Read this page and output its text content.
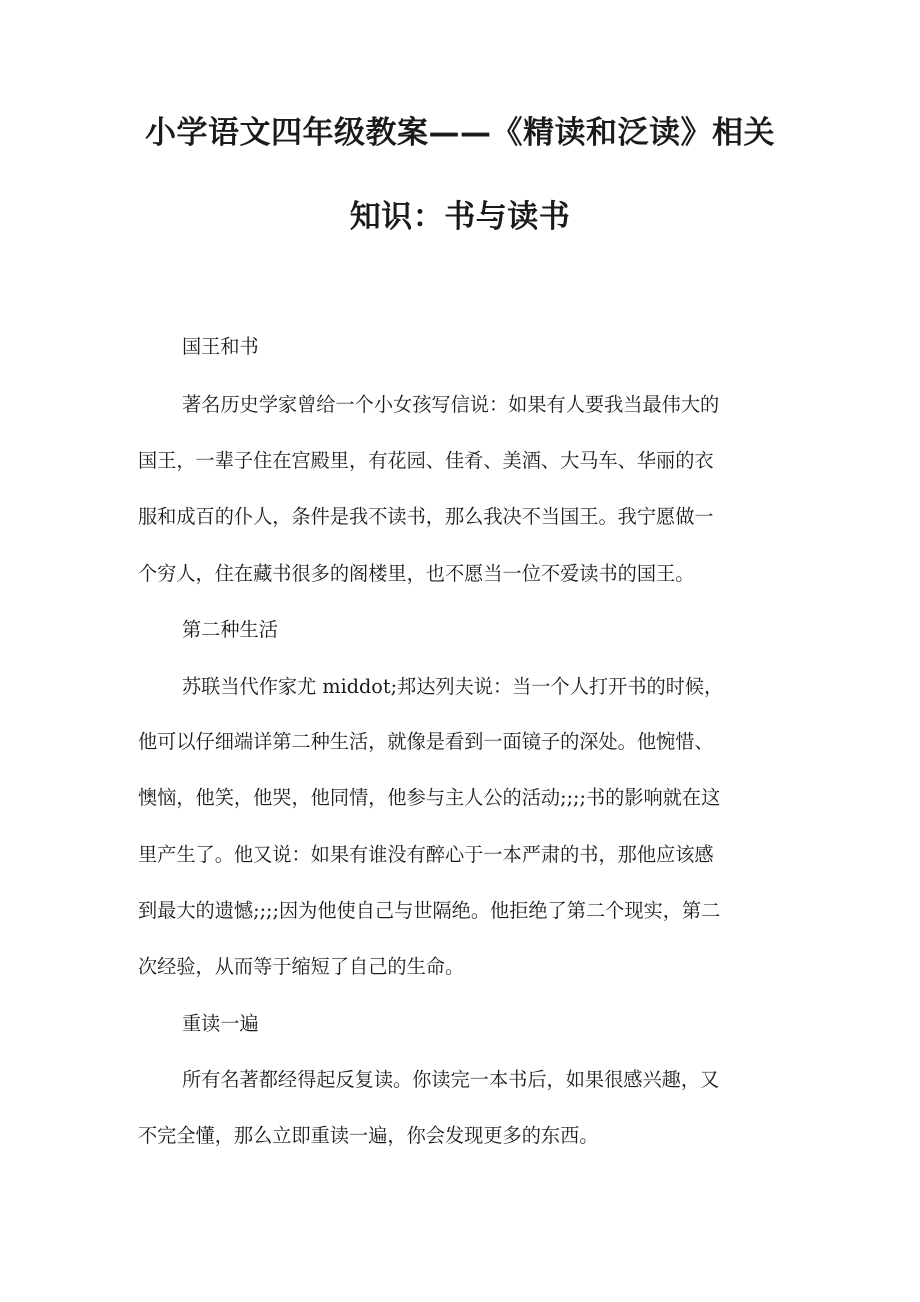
小学语文四年级教案——《精读和泛读》相关
知识：书与读书
国王和书
著名历史学家曾给一个小女孩写信说：如果有人要我当最伟大的
国王，一辈子住在宫殿里，有花园、佳肴、美酒、大马车、华丽的衣
服和成百的仆人，条件是我不读书，那么我决不当国王。我宁愿做一
个穷人，住在藏书很多的阁楼里，也不愿当一位不爱读书的国王。
第二种生活
苏联当代作家尤 middot;邦达列夫说：当一个人打开书的时候，
他可以仔细端详第二种生活，就像是看到一面镜子的深处。他惋惜、
懊恼，他笑，他哭，他同情，他参与主人公的活动;;;;书的影响就在这
里产生了。他又说：如果有谁没有醉心于一本严肃的书，那他应该感
到最大的遗憾;;;;因为他使自己与世隔绝。他拒绝了第二个现实，第二
次经验，从而等于缩短了自己的生命。
重读一遍
所有名著都经得起反复读。你读完一本书后，如果很感兴趣，又
不完全懂，那么立即重读一遍，你会发现更多的东西。
